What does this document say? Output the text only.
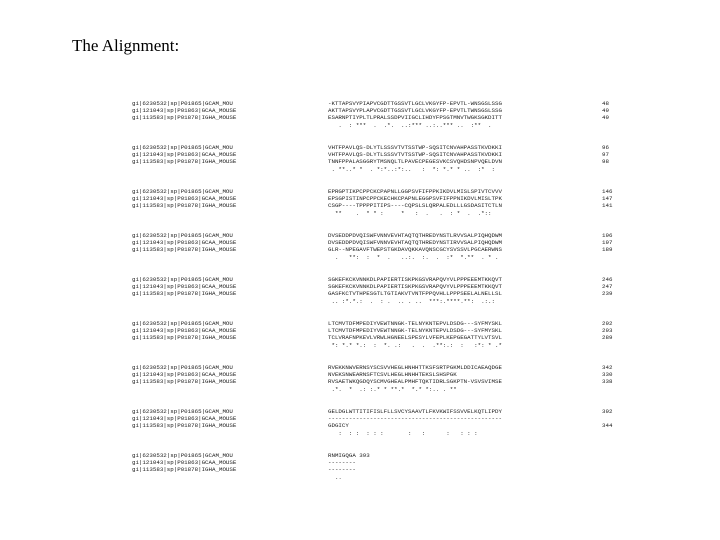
The Alignment:
gi|6230532|sp|P01865|GCAM_MOU	-KTTAPSVYPIAPVCGDTTGSSVTLGCLVKGYFP-EPVTL-WNSGSLSSG	48
gi|121043|sp|P01863|GCAA_MOUSE	AKTTAPSVYPLAPVCGDTTGSSVTLGCLVKGYFP-EPVTLTWNSGSLSSG	49
gi|113583|sp|P01878|IGHA_MOUSE	ESARNPTIYPLTLPRALSSDPVIIGCLIHDYFPSGTMNVTWGKSGKDITT	49
.  : ***  .  .*.  ..:*** ..:..*** ..  :**  .
gi|6230532|sp|P01865|GCAM_MOU	VHTFPAVLQS-DLYTLSSSVTVTSSTWP-SQSITCNVAHPASSTKVDKKI	96
gi|121043|sp|P01863|GCAA_MOUSE	VHTFPAVLQS-DLYTLSSSVTVTSSTWP-SQSITCNVAHPASSTKVDKKI	97
gi|113583|sp|P01878|IGHA_MOUSE	TNNFPPALASGGRYTMSNQLTLPAVECPEGESVKCSVQHDSNPVQELDVN	98
. **..* *  . *:*..:*:..   :  *: *.* * ..  :*  :
gi|6230532|sp|P01865|GCAM_MOU	EPRGPTIKPCPPCKCPAPNLLGGPSVFIFPPKIKDVLMISLSPIVTCVVV	146
gi|121043|sp|P01863|GCAA_MOUSE	EPSGPISTINPCPPCKECHKCPAPNLEGGPSVFIFPPNIKDVLMISLTPK	147
gi|113583|sp|P01878|IGHA_MOUSE	CSGP----TPPPPITIPS----CQPSLSLQRPALEDLLLGSDASITCTLN	141
**    .  * * :     *   :  .   .  : *  .  .*::
gi|6230532|sp|P01865|GCAM_MOU	DVSEDDPDVQISWFVNNVEVHTAQTQTHREDYNSTLRVVSALPIQHQDWM	196
gi|121043|sp|P01863|GCAA_MOUSE	DVSEDDPDVQISWFVNNVEVHTAQTQTHREDYNSTIRVVSALPIQHQDWM	197
gi|113583|sp|P01878|IGHA_MOUSE	GLR--NPEGAVFTWEPSTGKDAVQKKAVQNSCGCYSVSSVLPGCAERWNS	189
.   **:  :  *  .   ..:.  :.  .  :*  *.**  . * .
gi|6230532|sp|P01865|GCAM_MOU	SGKEFKCKVNNKDLPAPIERTISKPKGSVRAPQVYVLPPPEEEMTKKQVT	246
gi|121043|sp|P01863|GCAA_MOUSE	SGKEFKCKVNNKDLPAPIERTISKPKGSVRAPQVYVLPPPEEEMTKKQVT	247
gi|113583|sp|P01878|IGHA_MOUSE	GASFKCTVTHPESGTLTGTIAKVTVNTFPPQVHLLPPPSEELALNELLSL	239
.. :*.*.:  .  : .  .. . ..  ***:.****.**:  .:.:
gi|6230532|sp|P01865|GCAM_MOU	LTCMVTDFMPEDIYVEWTNNGK-TELNYKNTEPVLDSDG---SYFMYSKL	292
gi|121043|sp|P01863|GCAA_MOUSE	LTCMVTDFMPEDIYVEWTNNGK-TELNYKNTEPVLDSDG---SYFMYSKL	293
gi|113583|sp|P01878|IGHA_MOUSE	TCLVRAFNPKEVLVRWLHGNEELSPESYLVFEPLKEPGEGATTYLVTSVL	289
*: *.* *.:  :  *. .:   .  .  .**:.:  :   :*: * .*
gi|6230532|sp|P01865|GCAM_MOU	RVEKKNWVERNSYSCSVVHEGLHNHHTTKSFSRTPGKMLDDICAEAQDGE	342
gi|121043|sp|P01863|GCAA_MOUSE	NVEKSNWEARNSFTCSVLHEGLHNHHTEKSLSHSPGK	330
gi|113583|sp|P01878|IGHA_MOUSE	RVSAETWKQGDQYSCMVGHEALPMHFTQKTIDRLSGKPTN-VSVSVIMSE	338
.*.  *  .: :.* * **.*  *.* *:.. . **
gi|6230532|sp|P01865|GCAM_MOU	GELDGLWTTITIFISLFLLSVCYSAAVTLFKVKWIFSSVVELKQTLIPDY	392
gi|121043|sp|P01863|GCAA_MOUSE	--------------------------------------------------
gi|113583|sp|P01878|IGHA_MOUSE	GDGICY	344
:  : :  : : :       :   :      :   : : :
gi|6230532|sp|P01865|GCAM_MOU	RNMIGQGA 393
gi|121043|sp|P01863|GCAA_MOUSE	--------
gi|113583|sp|P01878|IGHA_MOUSE	--------
..
